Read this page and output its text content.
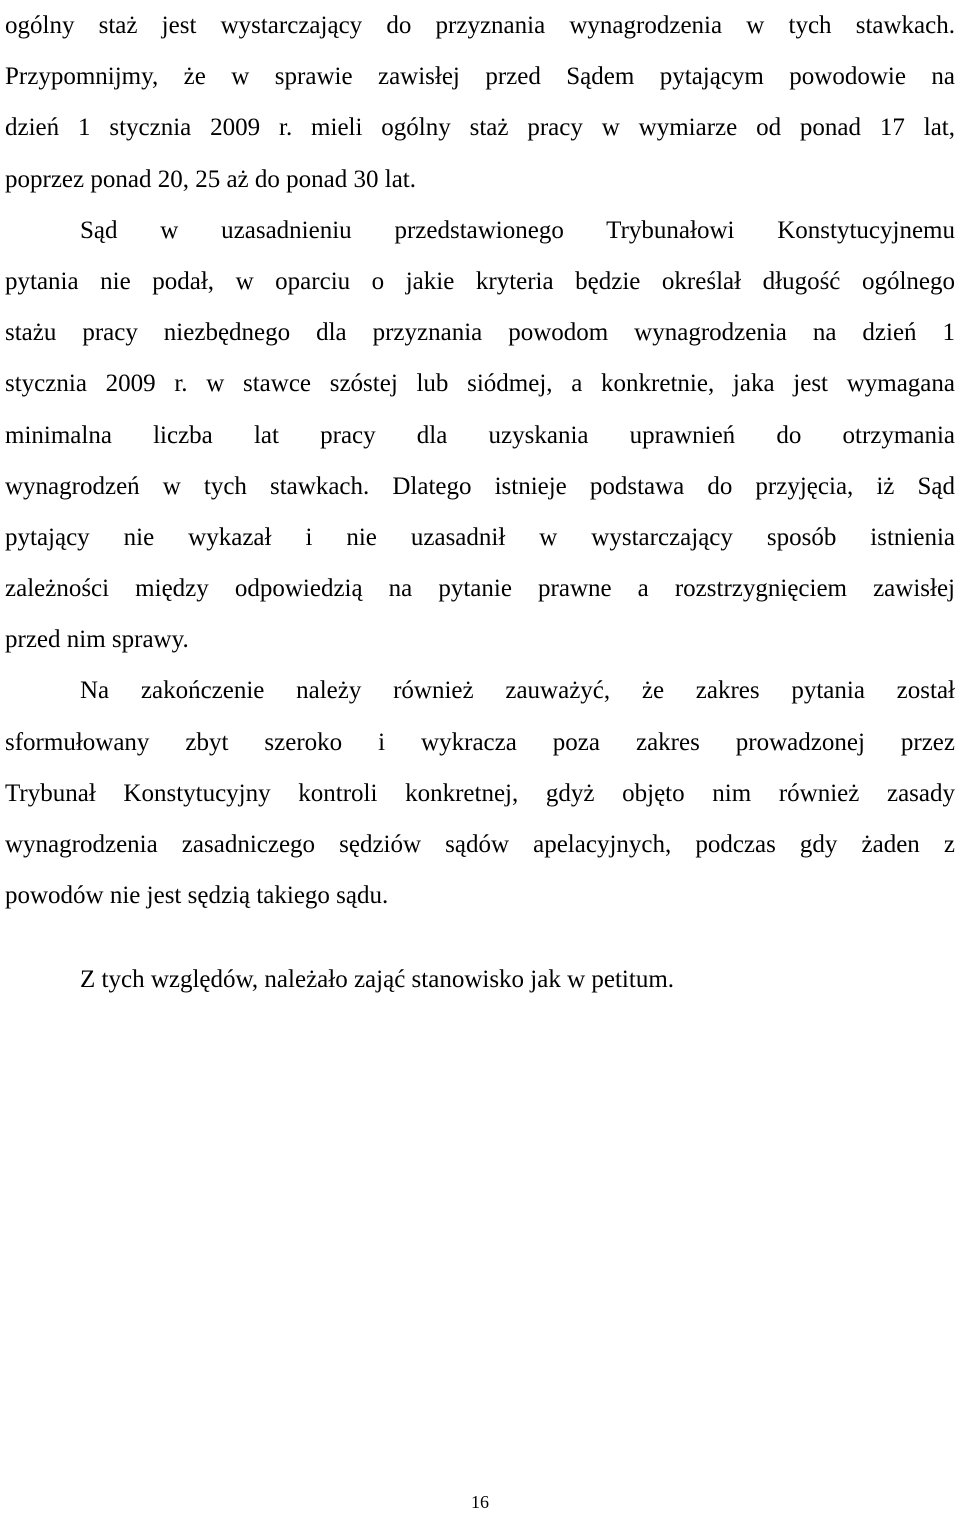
ogólny staż jest wystarczający do przyznania wynagrodzenia w tych stawkach.
Przypomnijmy, że w sprawie zawisłej przed Sądem pytającym powodowie na
dzień 1 stycznia 2009 r. mieli ogólny staż pracy w wymiarze od ponad 17 lat,
poprzez ponad 20, 25 aż do ponad 30 lat.
Sąd w uzasadnieniu przedstawionego Trybunałowi Konstytucyjnemu
pytania nie podał, w oparciu o jakie kryteria będzie określał długość ogólnego
stażu pracy niezbędnego dla przyznania powodom wynagrodzenia na dzień 1
stycznia 2009 r. w stawce szóstej lub siódmej, a konkretnie, jaka jest wymagana
minimalna liczba lat pracy dla uzyskania uprawnień do otrzymania
wynagrodzeń w tych stawkach. Dlatego istnieje podstawa do przyjęcia, iż Sąd
pytający nie wykazał i nie uzasadnił w wystarczający sposób istnienia
zależności między odpowiedzią na pytanie prawne a rozstrzygnięciem zawisłej
przed nim sprawy.
Na zakończenie należy również zauważyć, że zakres pytania został
sformułowany zbyt szeroko i wykracza poza zakres prowadzonej przez
Trybunał Konstytucyjny kontroli konkretnej, gdyż objęto nim również zasady
wynagrodzenia zasadniczego sędziów sądów apelacyjnych, podczas gdy żaden z
powodów nie jest sędzią takiego sądu.

Z tych względów, należało zająć stanowisko jak w petitum.

16
